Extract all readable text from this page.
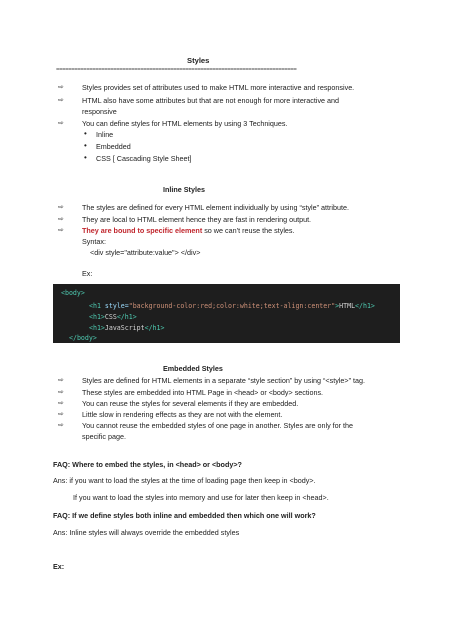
Styles
================================================================================
⇨	Styles provides set of attributes used to make HTML more interactive and responsive.
⇨	HTML also have some attributes but that are not enough for more interactive and
responsive
⇨	You can define styles for HTML elements by using 3 Techniques.
• Inline
• Embedded
• CSS [ Cascading Style Sheet]
Inline Styles
⇨	The styles are defined for every HTML element individually by using “style” attribute.
⇨	They are local to HTML element hence they are fast in rendering output.
⇨	They are bound to specific element so we can’t reuse the styles.
Syntax:
<div style="attribute:value"> </div>
Ex:
<body>
<h1 style="background-color:red;color:white;text-align:center">HTML</h1>
<h1>CSS</h1>
<h1>JavaScript</h1>
</body>
Embedded Styles
⇨	Styles are defined for HTML elements in a separate “style section” by using “<style>” tag.
⇨	These styles are embedded into HTML Page in <head> or <body> sections.
⇨	You can reuse the styles for several elements if they are embedded.
⇨	Little slow in rendering effects as they are not with the element.
⇨	You cannot reuse the embedded styles of one page in another. Styles are only for the
specific page.
FAQ: Where to embed the styles, in <head> or <body>?
Ans: if you want to load the styles at the time of loading page then keep in <body>.
If you want to load the styles into memory and use for later then keep in <head>.
FAQ: If we define styles both inline and embedded then which one will work?
Ans: Inline styles will always override the embedded styles
Ex:
